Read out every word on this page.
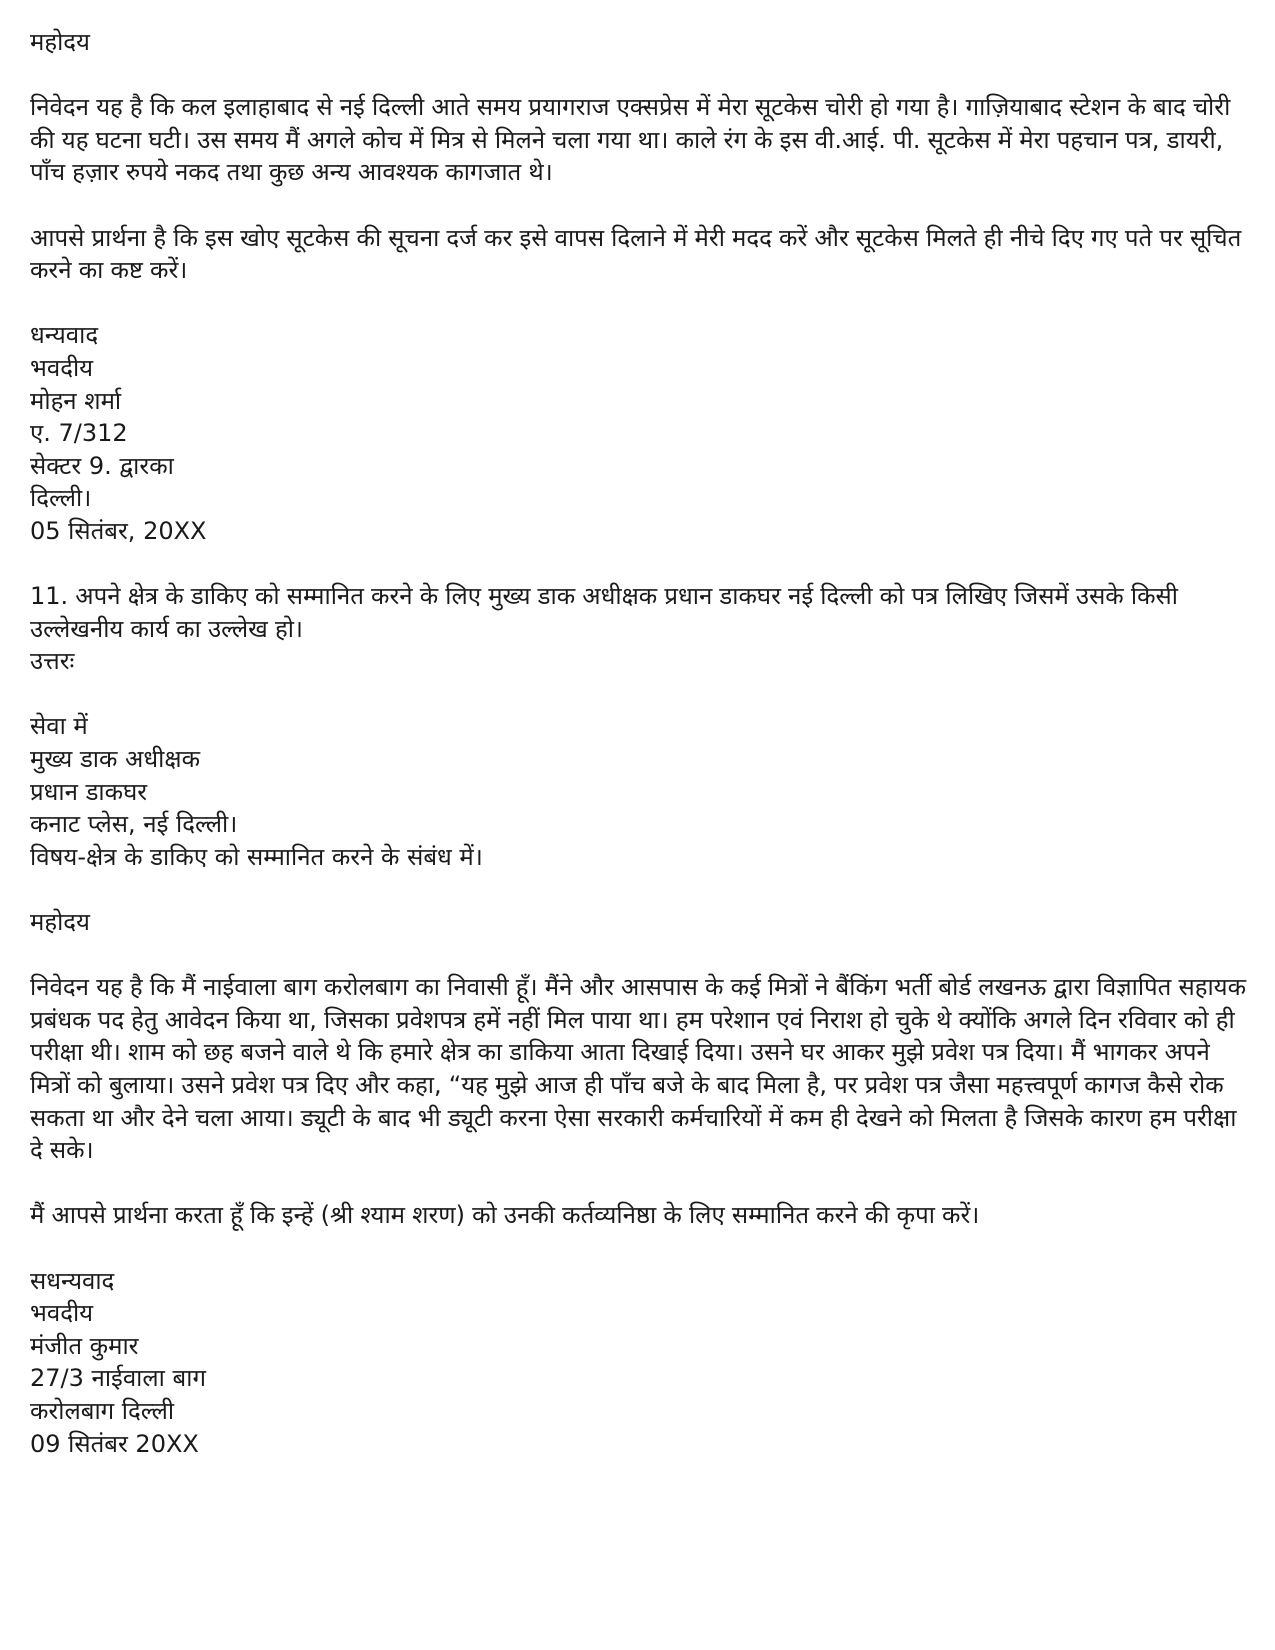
महोदय
निवेदन यह है कि कल इलाहाबाद से नई दिल्ली आते समय प्रयागराज एक्सप्रेस में मेरा सूटकेस चोरी हो गया है। गाज़ियाबाद स्टेशन के बाद चोरी की यह घटना घटी। उस समय मैं अगले कोच में मित्र से मिलने चला गया था। काले रंग के इस वी.आई. पी. सूटकेस में मेरा पहचान पत्र, डायरी, पाँच हज़ार रुपये नकद तथा कुछ अन्य आवश्यक कागजात थे।
आपसे प्रार्थना है कि इस खोए सूटकेस की सूचना दर्ज कर इसे वापस दिलाने में मेरी मदद करें और सूटकेस मिलते ही नीचे दिए गए पते पर सूचित करने का कष्ट करें।
धन्यवाद
भवदीय
मोहन शर्मा
ए. 7/312
सेक्टर 9. द्वारका
दिल्ली।
05 सितंबर, 20XX
11. अपने क्षेत्र के डाकिए को सम्मानित करने के लिए मुख्य डाक अधीक्षक प्रधान डाकघर नई दिल्ली को पत्र लिखिए जिसमें उसके किसी उल्लेखनीय कार्य का उल्लेख हो।
उत्तरः
सेवा में
मुख्य डाक अधीक्षक
प्रधान डाकघर
कनाट प्लेस, नई दिल्ली।
विषय-क्षेत्र के डाकिए को सम्मानित करने के संबंध में।
महोदय
निवेदन यह है कि मैं नाईवाला बाग करोलबाग का निवासी हूँ। मैंने और आसपास के कई मित्रों ने बैंकिंग भर्ती बोर्ड लखनऊ द्वारा विज्ञापित सहायक प्रबंधक पद हेतु आवेदन किया था, जिसका प्रवेशपत्र हमें नहीं मिल पाया था। हम परेशान एवं निराश हो चुके थे क्योंकि अगले दिन रविवार को ही परीक्षा थी। शाम को छह बजने वाले थे कि हमारे क्षेत्र का डाकिया आता दिखाई दिया। उसने घर आकर मुझे प्रवेश पत्र दिया। मैं भागकर अपने मित्रों को बुलाया। उसने प्रवेश पत्र दिए और कहा, “यह मुझे आज ही पाँच बजे के बाद मिला है, पर प्रवेश पत्र जैसा महत्त्वपूर्ण कागज कैसे रोक सकता था और देने चला आया। ड्यूटी के बाद भी ड्यूटी करना ऐसा सरकारी कर्मचारियों में कम ही देखने को मिलता है जिसके कारण हम परीक्षा दे सके।
मैं आपसे प्रार्थना करता हूँ कि इन्हें (श्री श्याम शरण) को उनकी कर्तव्यनिष्ठा के लिए सम्मानित करने की कृपा करें।
सधन्यवाद
भवदीय
मंजीत कुमार
27/3 नाईवाला बाग
करोलबाग दिल्ली
09 सितंबर 20XX
